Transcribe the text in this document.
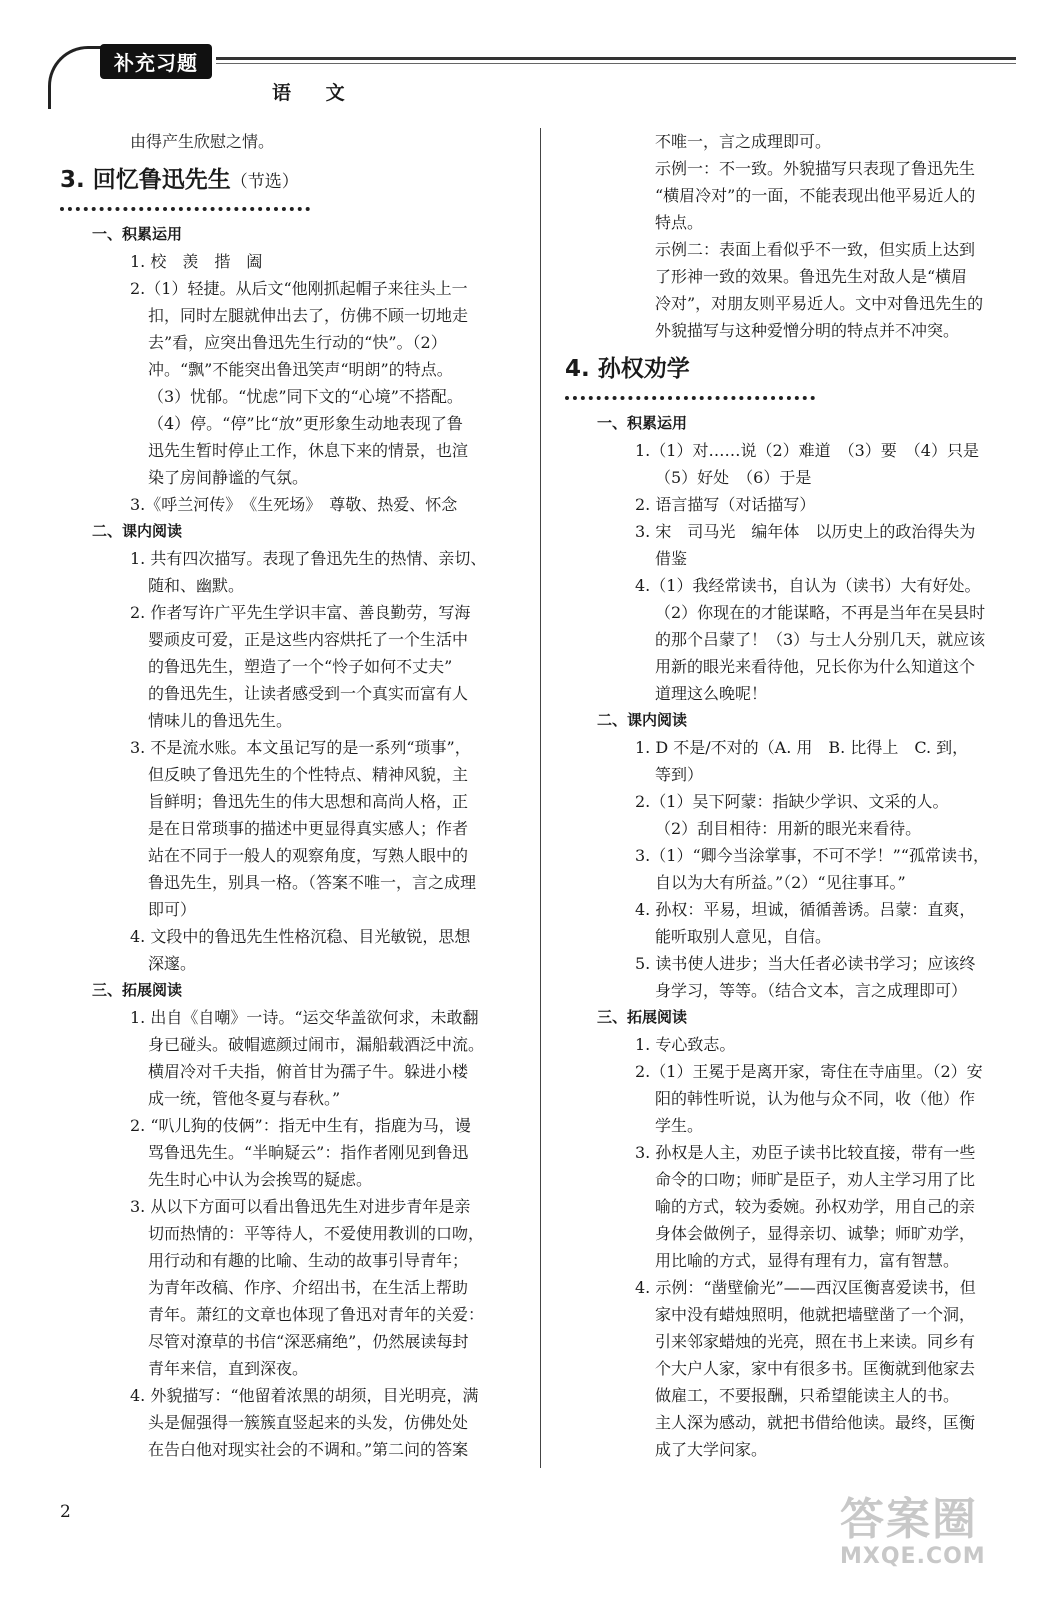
补充习题
语 文
由得产生欣慰之情。
3. 回忆鲁迅先生（节选）
一、积累运用
1. 校　羡　揩　阖
2.（1）轻捷。从后文“他刚抓起帽子来往头上一
扣，同时左腿就伸出去了，仿佛不顾一切地走
去”看，应突出鲁迅先生行动的“快”。（2）
冲。“飘”不能突出鲁迅笑声“明朗”的特点。
（3）忧郁。“忧虑”同下文的“心境”不搭配。
（4）停。“停”比“放”更形象生动地表现了鲁
迅先生暂时停止工作，休息下来的情景，也渲
染了房间静谧的气氛。
3.《呼兰河传》　《生死场》　尊敬、热爱、怀念
二、课内阅读
1. 共有四次描写。表现了鲁迅先生的热情、亲切、
随和、幽默。
2. 作者写许广平先生学识丰富、善良勤劳，写海
婴顽皮可爱，正是这些内容烘托了一个生活中
的鲁迅先生，塑造了一个“怜子如何不丈夫”
的鲁迅先生，让读者感受到一个真实而富有人
情味儿的鲁迅先生。
3. 不是流水账。本文虽记写的是一系列“琐事”，
但反映了鲁迅先生的个性特点、精神风貌，主
旨鲜明；鲁迅先生的伟大思想和高尚人格，正
是在日常琐事的描述中更显得真实感人；作者
站在不同于一般人的观察角度，写熟人眼中的
鲁迅先生，别具一格。（答案不唯一，言之成理
即可）
4. 文段中的鲁迅先生性格沉稳、目光敏锐，思想
深邃。
三、拓展阅读
1. 出自《自嘲》一诗。“运交华盖欲何求，未敢翻
身已碰头。破帽遮颜过闹市，漏船载酒泛中流。
横眉冷对千夫指，俯首甘为孺子牛。躲进小楼
成一统，管他冬夏与春秋。”
2. “叭儿狗的伎俩”：指无中生有，指鹿为马，谩
骂鲁迅先生。“半晌疑云”：指作者刚见到鲁迅
先生时心中认为会挨骂的疑虑。
3. 从以下方面可以看出鲁迅先生对进步青年是亲
切而热情的：平等待人，不爱使用教训的口吻，
用行动和有趣的比喻、生动的故事引导青年；
为青年改稿、作序、介绍出书，在生活上帮助
青年。萧红的文章也体现了鲁迅对青年的关爱：
尽管对潦草的书信“深恶痛绝”，仍然展读每封
青年来信，直到深夜。
4. 外貌描写：“他留着浓黑的胡须，目光明亮，满
头是倔强得一簇簇直竖起来的头发，仿佛处处
在告白他对现实社会的不调和。”第二问的答案
不唯一，言之成理即可。
示例一：不一致。外貌描写只表现了鲁迅先生
“横眉冷对”的一面，不能表现出他平易近人的
特点。
示例二：表面上看似乎不一致，但实质上达到
了形神一致的效果。鲁迅先生对敌人是“横眉
冷对”，对朋友则平易近人。文中对鲁迅先生的
外貌描写与这种爱憎分明的特点并不冲突。
4. 孙权劝学
一、积累运用
1.（1）对……说（2）难道　（3）要　（4）只是
（5）好处　（6）于是
2. 语言描写（对话描写）
3. 宋　司马光　编年体　以历史上的政治得失为
借鉴
4.（1）我经常读书，自认为（读书）大有好处。
（2）你现在的才能谋略，不再是当年在吴县时
的那个吕蒙了！（3）与士人分别几天，就应该
用新的眼光来看待他，兄长你为什么知道这个
道理这么晚呢！
二、课内阅读
1. D 不是/不对的（A. 用　B. 比得上　C. 到，
等到）
2.（1）吴下阿蒙：指缺少学识、文采的人。
（2）刮目相待：用新的眼光来看待。
3.（1）“卿今当涂掌事，不可不学！”“孤常读书，
自以为大有所益。”（2）“见往事耳。”
4. 孙权：平易，坦诚，循循善诱。吕蒙：直爽，
能听取别人意见，自信。
5. 读书使人进步；当大任者必读书学习；应该终
身学习，等等。（结合文本，言之成理即可）
三、拓展阅读
1. 专心致志。
2.（1）王冕于是离开家，寄住在寺庙里。（2）安
阳的韩性听说，认为他与众不同，收（他）作
学生。
3. 孙权是人主，劝臣子读书比较直接，带有一些
命令的口吻；师旷是臣子，劝人主学习用了比
喻的方式，较为委婉。孙权劝学，用自己的亲
身体会做例子，显得亲切、诚挚；师旷劝学，
用比喻的方式，显得有理有力，富有智慧。
4. 示例：“凿壁偷光”——西汉匡衡喜爱读书，但
家中没有蜡烛照明，他就把墙壁凿了一个洞，
引来邻家蜡烛的光亮，照在书上来读。同乡有
个大户人家，家中有很多书。匡衡就到他家去
做雇工，不要报酬，只希望能读主人的书。
主人深为感动，就把书借给他读。最终，匡衡
成了大学问家。
2	答案圈
MXQE.COM
